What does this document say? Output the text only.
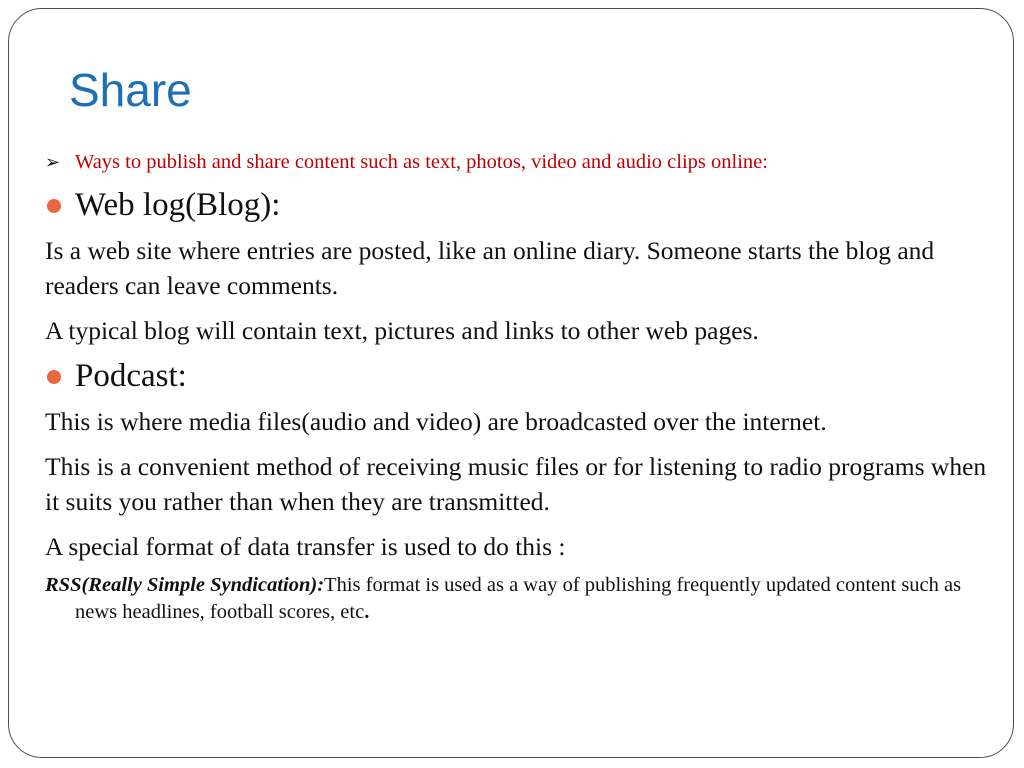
Share
➢ Ways to publish and share content such as text, photos, video and audio clips online:
Web log(Blog):
Is a web site where entries are posted, like an online diary. Someone starts the blog and readers can leave comments.
A typical blog will contain text, pictures and links to other web pages.
Podcast:
This is where media files(audio and video) are broadcasted over the internet.
This is a convenient method of receiving music files or for listening to radio programs when it suits you rather than when they are transmitted.
A special format of data transfer is used to do this :
RSS(Really Simple Syndication):This format is used as a way of publishing frequently updated content such as news headlines, football scores, etc.
